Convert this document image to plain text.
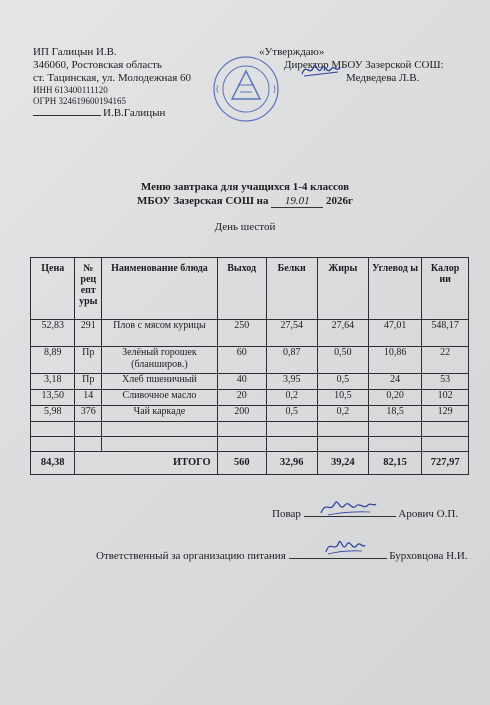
ИП Галицын И.В.
346060, Ростовская область
ст. Тацинская, ул. Молодежная 60
ИНН 613400111120
ОГРН 324619600194165
И.В.Галицын
«Утверждаю»
Директор МБОУ Зазерской СОШ:
Медведева Л.В.
Меню завтрака для учащихся 1-4 классов
МБОУ Зазерская СОШ на 19.01 2026г
День шестой
Цена	№ рец епт уры	Наименование блюда	Выход	Белки	Жиры	Углевод ы	Калор ии
52,83	291	Плов с мясом курицы	250	27,54	27,64	47,01	548,17
8,89	Пр	Зелёный горошек (бланширов.)	60	0,87	0,50	10,86	22
3,18	Пр	Хлеб пшеничный	40	3,95	0,5	24	53
13,50	14	Сливочное масло	20	0,2	10,5	0,20	102
5,98	376	Чай каркаде	200	0,5	0,2	18,5	129

84,38	ИТОГО		560	32,96	39,24	82,15	727,97
Повар	Арович О.П.
Ответственный за организацию питания	Бурховцова Н.И.
